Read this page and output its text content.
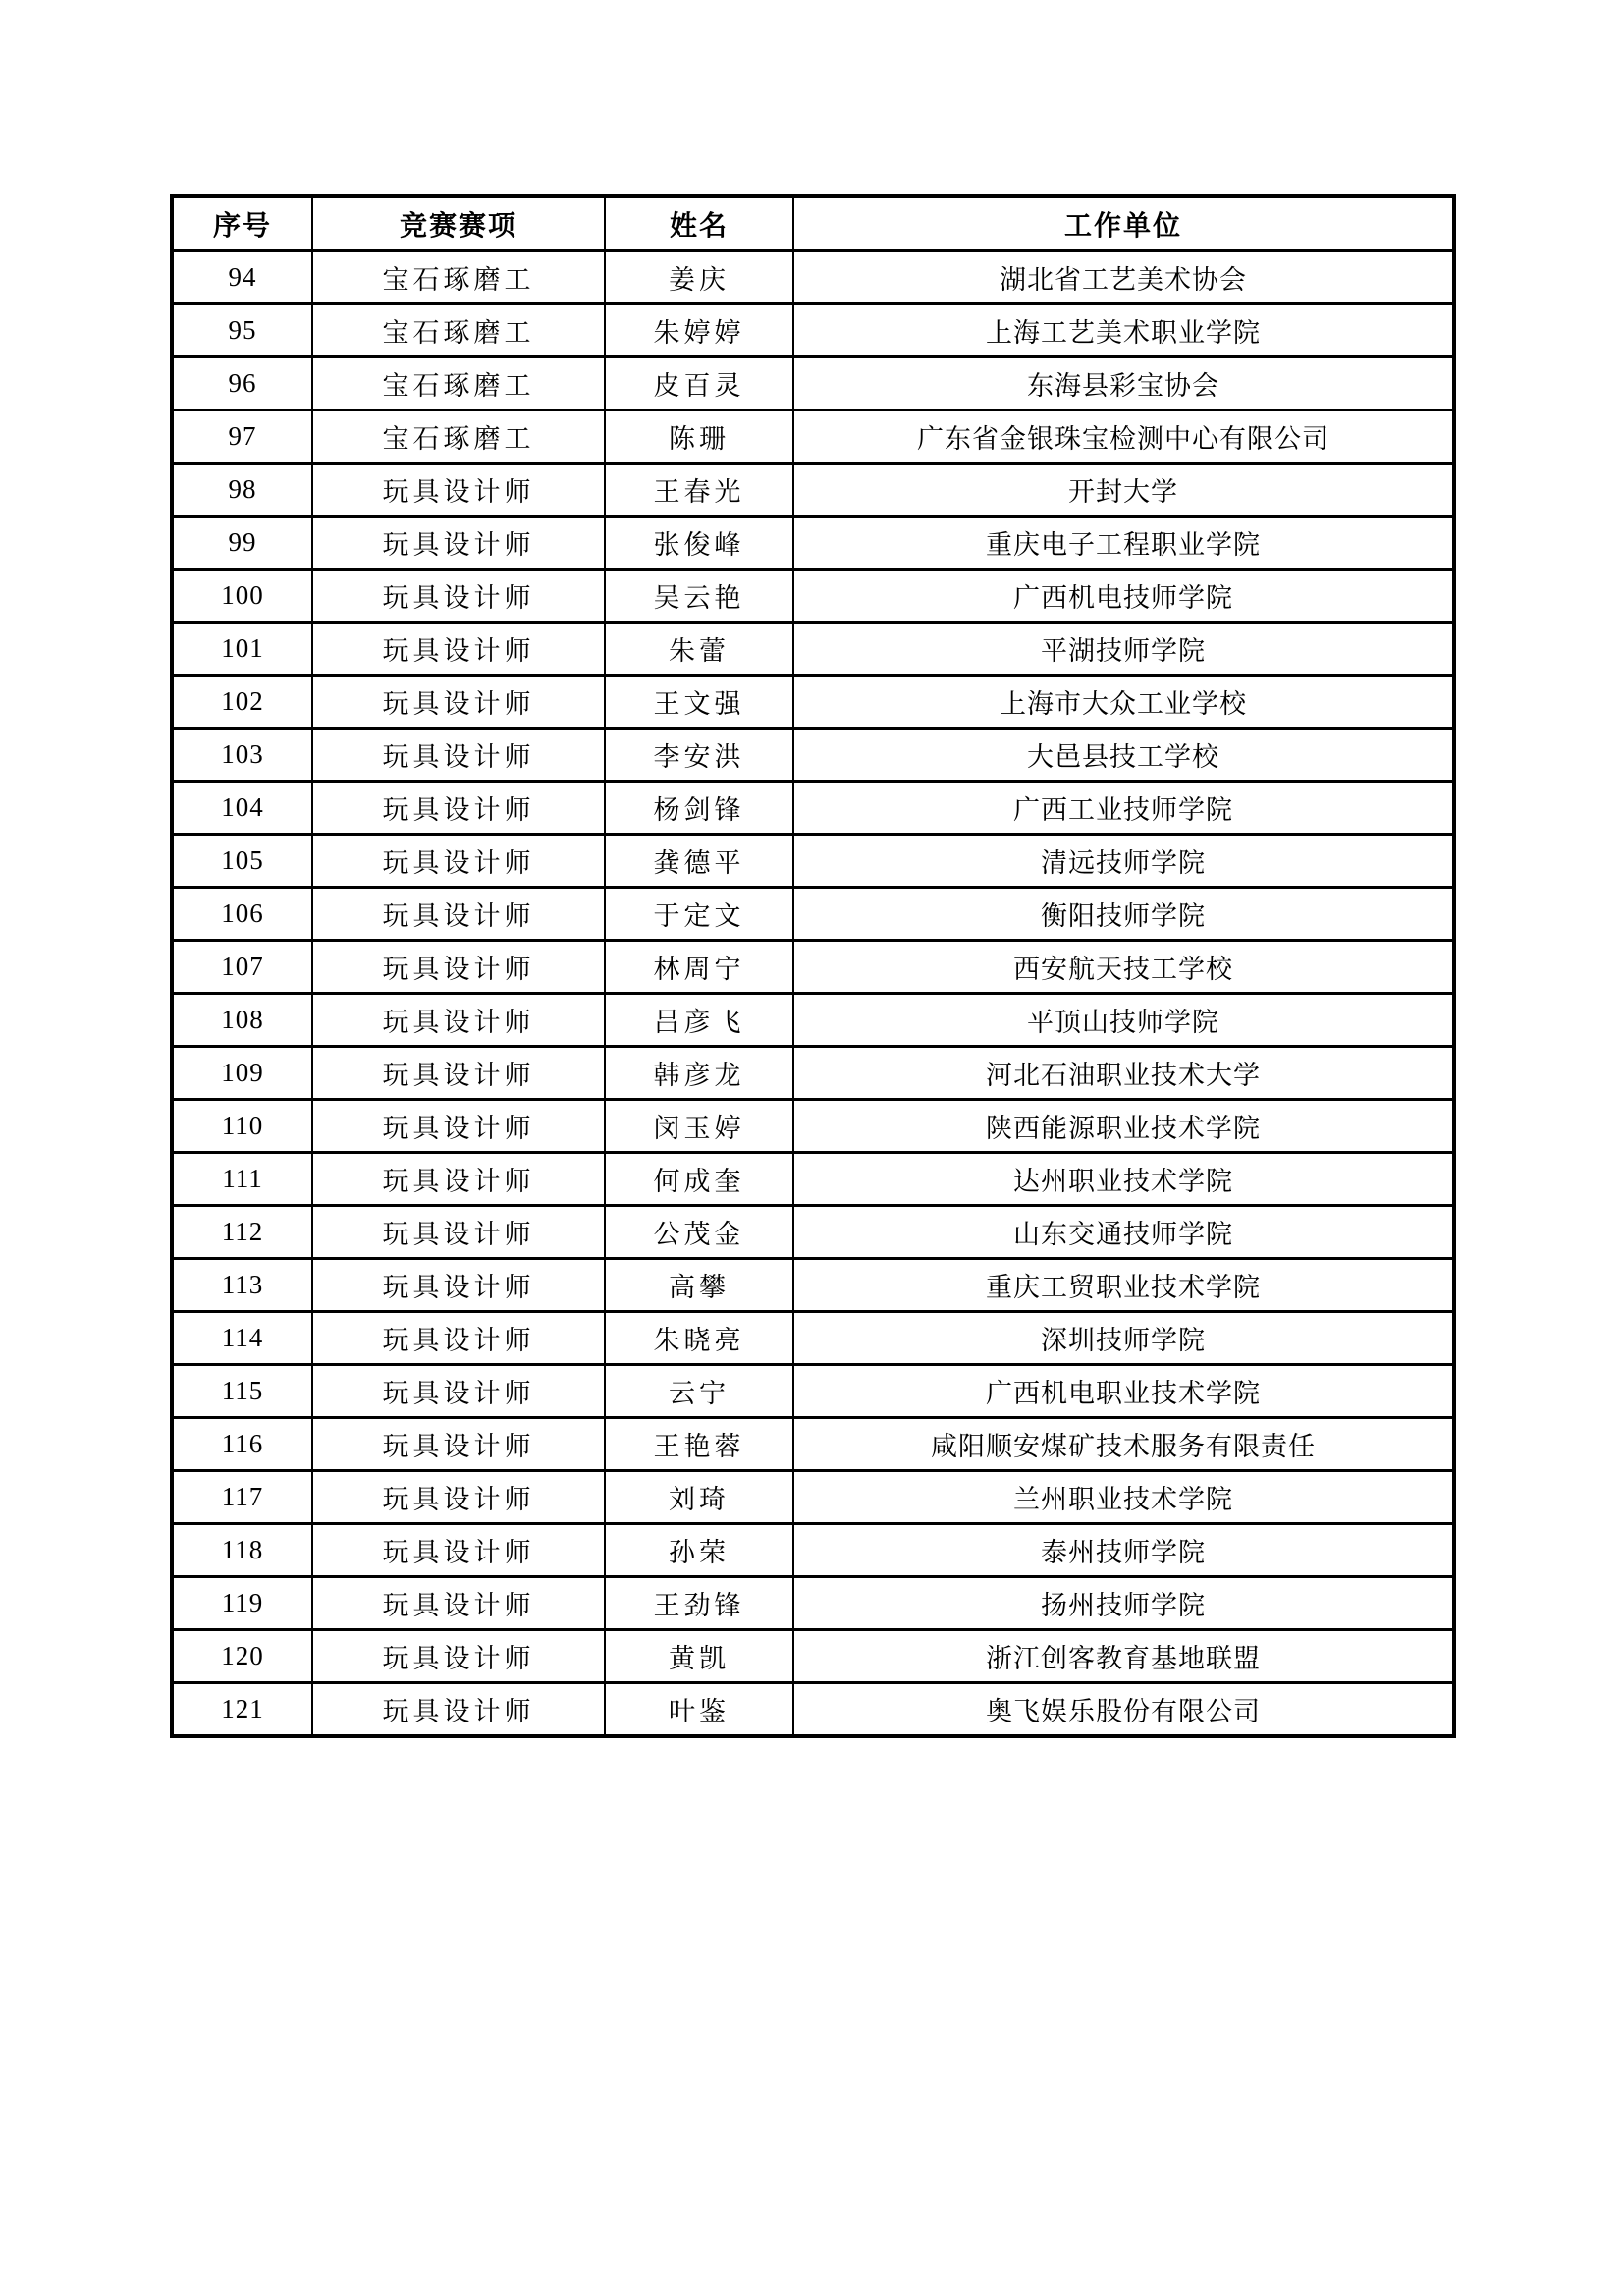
序号	竞赛赛项	姓名	工作单位
94	宝石琢磨工	姜庆	湖北省工艺美术协会
95	宝石琢磨工	朱婷婷	上海工艺美术职业学院
96	宝石琢磨工	皮百灵	东海县彩宝协会
97	宝石琢磨工	陈珊	广东省金银珠宝检测中心有限公司
98	玩具设计师	王春光	开封大学
99	玩具设计师	张俊峰	重庆电子工程职业学院
100	玩具设计师	吴云艳	广西机电技师学院
101	玩具设计师	朱蕾	平湖技师学院
102	玩具设计师	王文强	上海市大众工业学校
103	玩具设计师	李安洪	大邑县技工学校
104	玩具设计师	杨剑锋	广西工业技师学院
105	玩具设计师	龚德平	清远技师学院
106	玩具设计师	于定文	衡阳技师学院
107	玩具设计师	林周宁	西安航天技工学校
108	玩具设计师	吕彦飞	平顶山技师学院
109	玩具设计师	韩彦龙	河北石油职业技术大学
110	玩具设计师	闵玉婷	陕西能源职业技术学院
111	玩具设计师	何成奎	达州职业技术学院
112	玩具设计师	公茂金	山东交通技师学院
113	玩具设计师	高攀	重庆工贸职业技术学院
114	玩具设计师	朱晓亮	深圳技师学院
115	玩具设计师	云宁	广西机电职业技术学院
116	玩具设计师	王艳蓉	咸阳顺安煤矿技术服务有限责任
117	玩具设计师	刘琦	兰州职业技术学院
118	玩具设计师	孙荣	泰州技师学院
119	玩具设计师	王劲锋	扬州技师学院
120	玩具设计师	黄凯	浙江创客教育基地联盟
121	玩具设计师	叶鉴	奥飞娱乐股份有限公司
